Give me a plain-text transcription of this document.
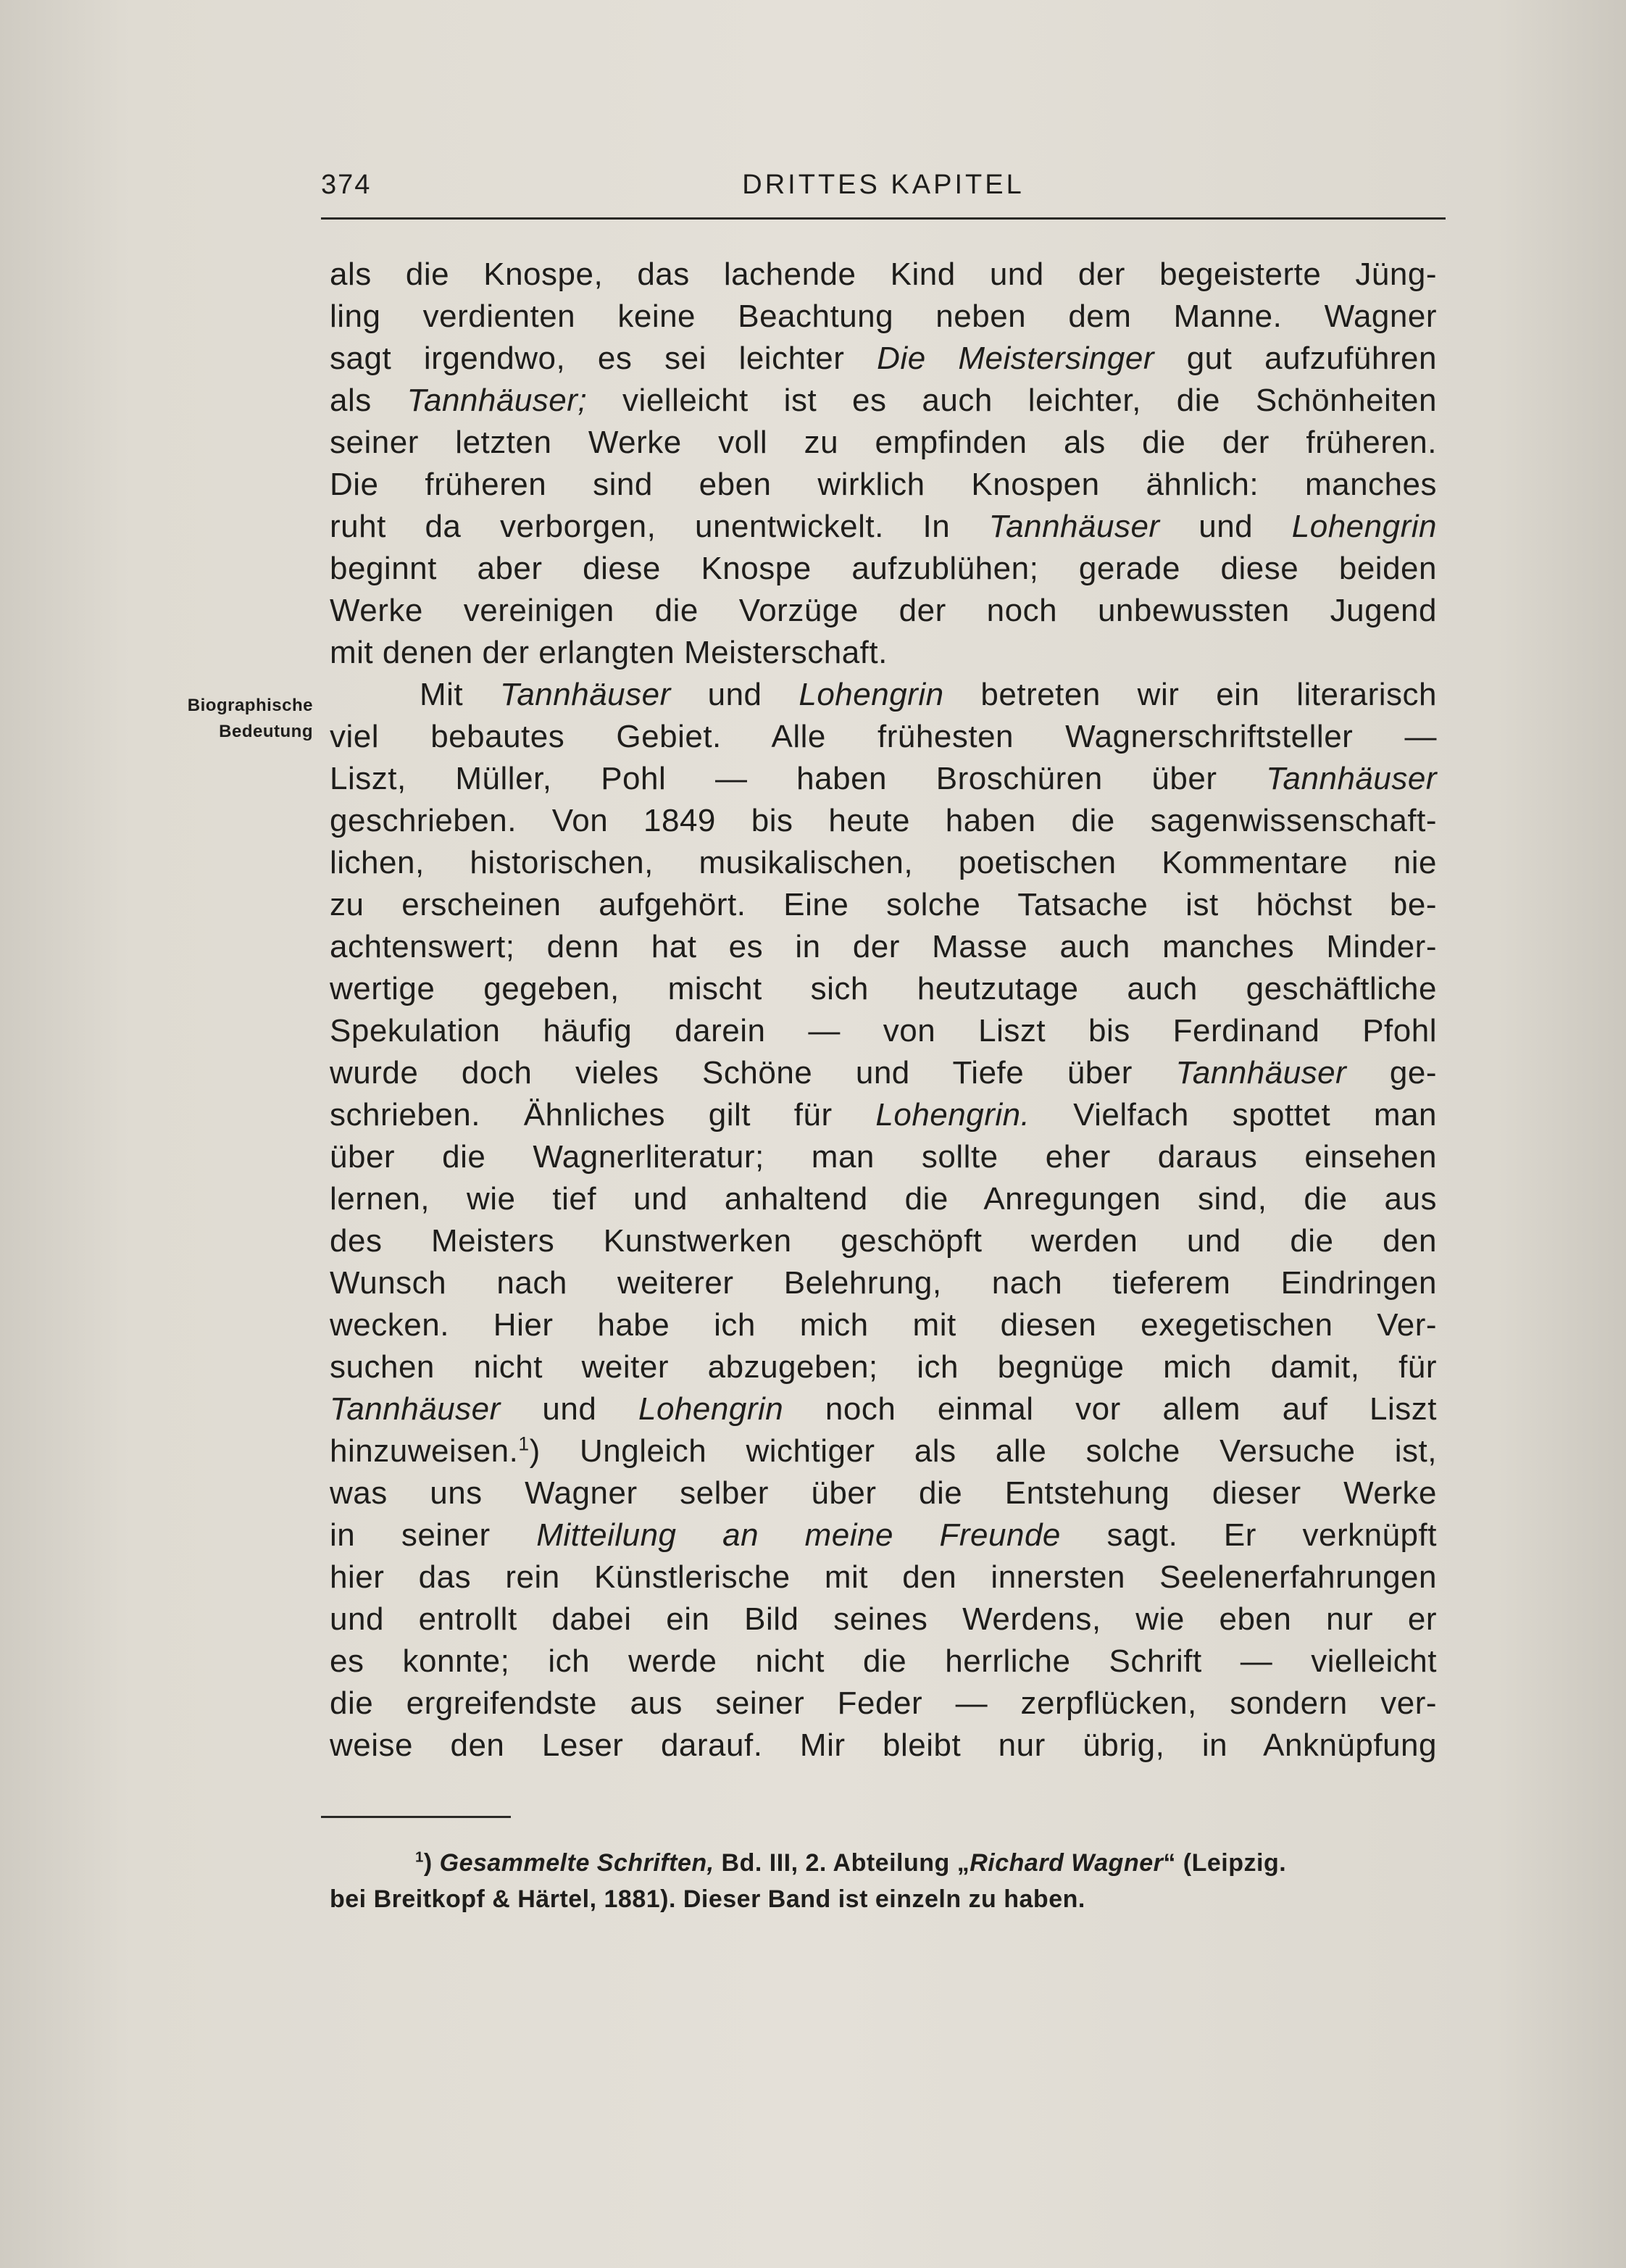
374	DRITTES KAPITEL
Biographische
Bedeutung
als die Knospe, das lachende Kind und der begeisterte Jüng-
ling verdienten keine Beachtung neben dem Manne. Wagner
sagt irgendwo, es sei leichter Die Meistersinger gut aufzuführen
als Tannhäuser; vielleicht ist es auch leichter, die Schönheiten
seiner letzten Werke voll zu empfinden als die der früheren.
Die früheren sind eben wirklich Knospen ähnlich: manches
ruht da verborgen, unentwickelt. In Tannhäuser und Lohengrin
beginnt aber diese Knospe aufzublühen; gerade diese beiden
Werke vereinigen die Vorzüge der noch unbewussten Jugend
mit denen der erlangten Meisterschaft.
Mit Tannhäuser und Lohengrin betreten wir ein literarisch
viel bebautes Gebiet. Alle frühesten Wagnerschriftsteller —
Liszt, Müller, Pohl — haben Broschüren über Tannhäuser
geschrieben. Von 1849 bis heute haben die sagenwissenschaft-
lichen, historischen, musikalischen, poetischen Kommentare nie
zu erscheinen aufgehört. Eine solche Tatsache ist höchst be-
achtenswert; denn hat es in der Masse auch manches Minder-
wertige gegeben, mischt sich heutzutage auch geschäftliche
Spekulation häufig darein — von Liszt bis Ferdinand Pfohl
wurde doch vieles Schöne und Tiefe über Tannhäuser ge-
schrieben. Ähnliches gilt für Lohengrin. Vielfach spottet man
über die Wagnerliteratur; man sollte eher daraus einsehen
lernen, wie tief und anhaltend die Anregungen sind, die aus
des Meisters Kunstwerken geschöpft werden und die den
Wunsch nach weiterer Belehrung, nach tieferem Eindringen
wecken. Hier habe ich mich mit diesen exegetischen Ver-
suchen nicht weiter abzugeben; ich begnüge mich damit, für
Tannhäuser und Lohengrin noch einmal vor allem auf Liszt
hinzuweisen.$^1$) Ungleich wichtiger als alle solche Versuche ist,
was uns Wagner selber über die Entstehung dieser Werke
in seiner Mitteilung an meine Freunde sagt. Er verknüpft
hier das rein Künstlerische mit den innersten Seelenerfahrungen
und entrollt dabei ein Bild seines Werdens, wie eben nur er
es konnte; ich werde nicht die herrliche Schrift — vielleicht
die ergreifendste aus seiner Feder — zerpflücken, sondern ver-
weise den Leser darauf. Mir bleibt nur übrig, in Anknüpfung
$^1$) Gesammelte Schriften, Bd. III, 2. Abteilung „Richard Wagner“ (Leipzig.
bei Breitkopf & Härtel, 1881). Dieser Band ist einzeln zu haben.
